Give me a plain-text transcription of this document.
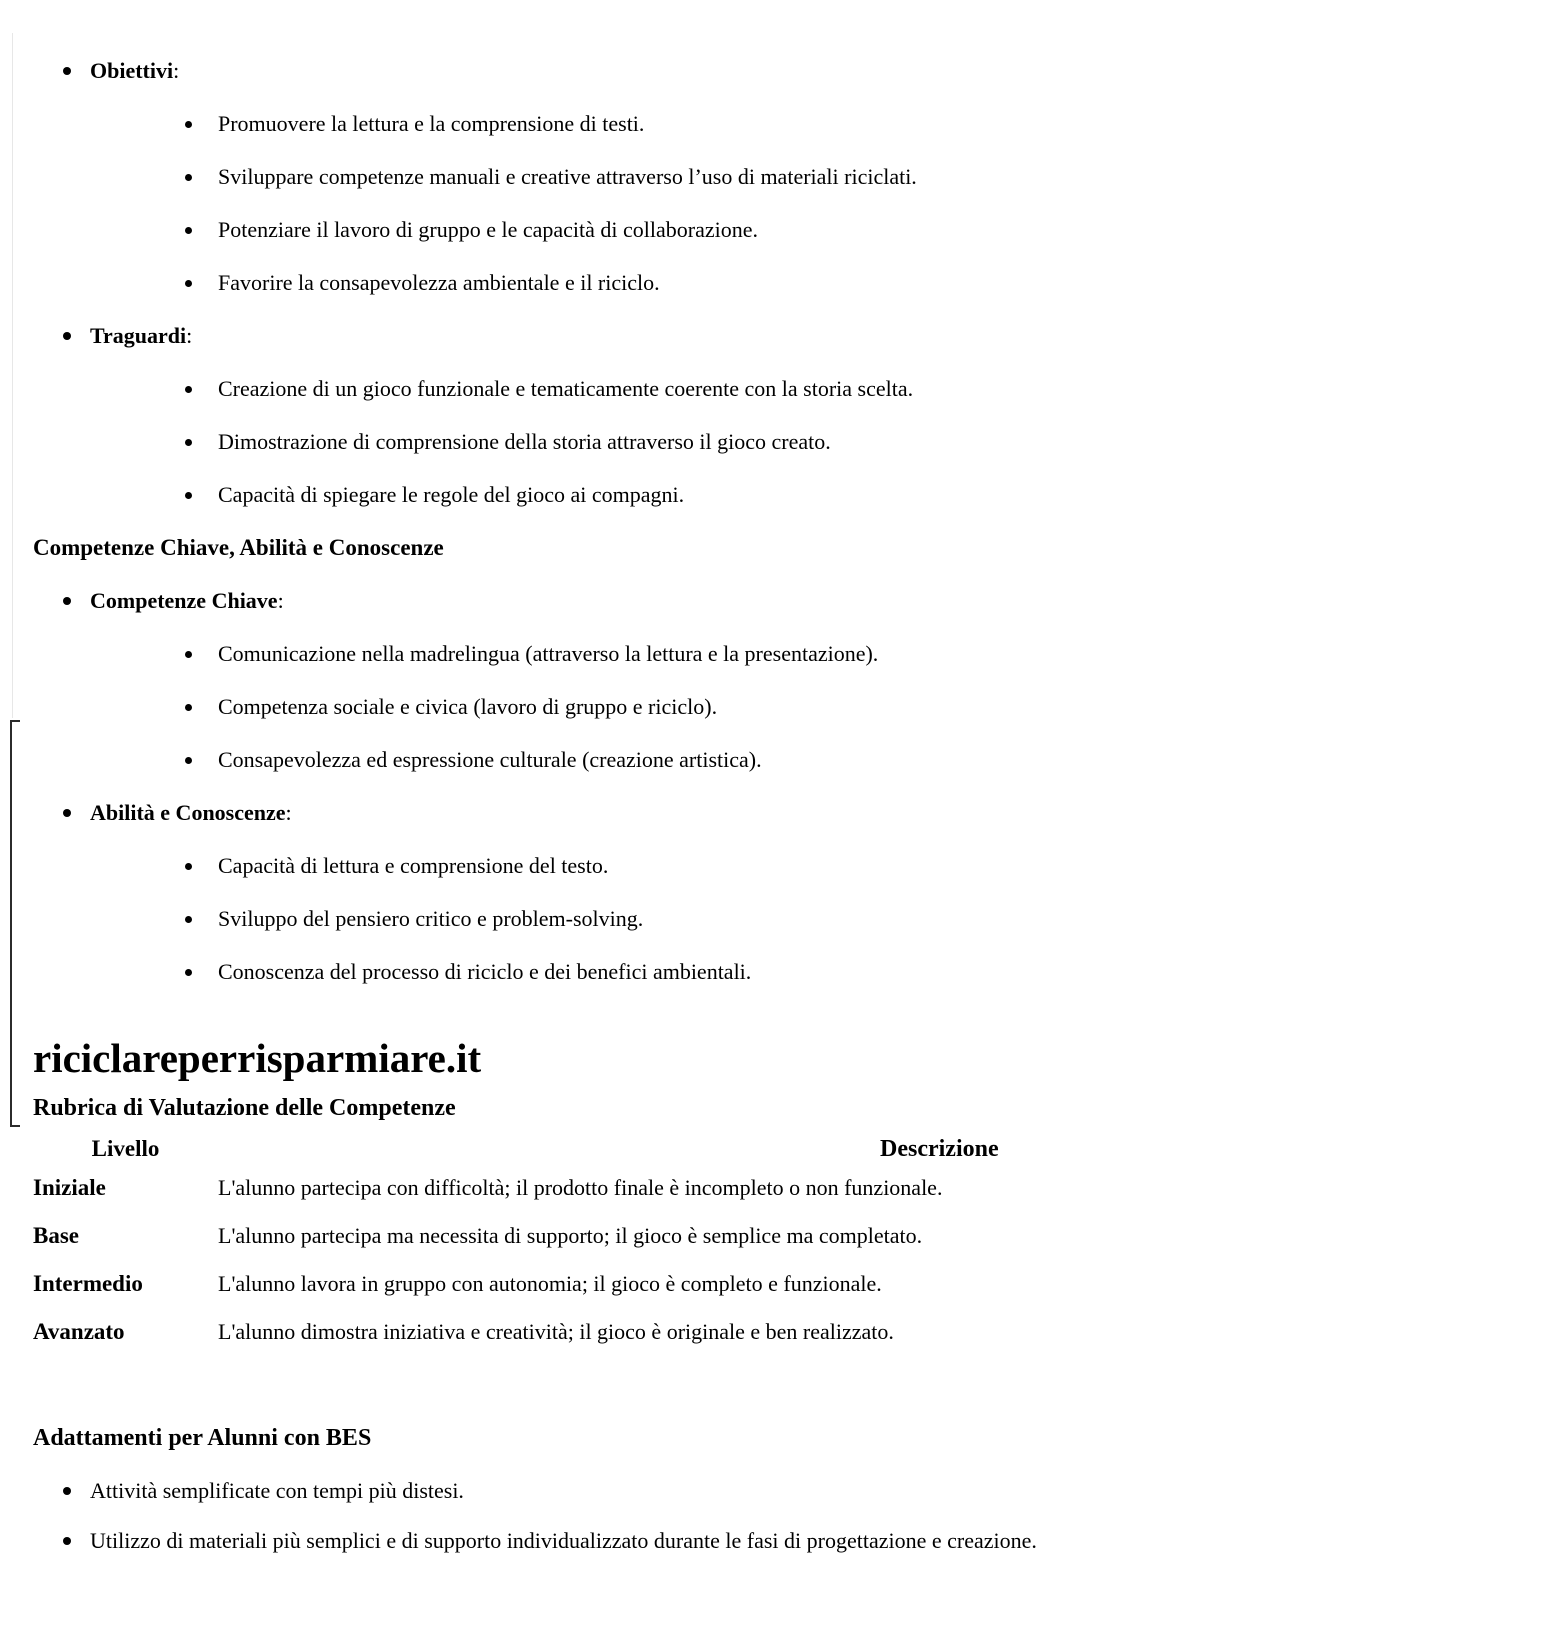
Obiettivi:
Promuovere la lettura e la comprensione di testi.
Sviluppare competenze manuali e creative attraverso l’uso di materiali riciclati.
Potenziare il lavoro di gruppo e le capacità di collaborazione.
Favorire la consapevolezza ambientale e il riciclo.
Traguardi:
Creazione di un gioco funzionale e tematicamente coerente con la storia scelta.
Dimostrazione di comprensione della storia attraverso il gioco creato.
Capacità di spiegare le regole del gioco ai compagni.
Competenze Chiave, Abilità e Conoscenze
Competenze Chiave:
Comunicazione nella madrelingua (attraverso la lettura e la presentazione).
Competenza sociale e civica (lavoro di gruppo e riciclo).
Consapevolezza ed espressione culturale (creazione artistica).
Abilità e Conoscenze:
Capacità di lettura e comprensione del testo.
Sviluppo del pensiero critico e problem-solving.
Conoscenza del processo di riciclo e dei benefici ambientali.
riciclareperrisparmiare.it
Rubrica di Valutazione delle Competenze
Livello	Descrizione
Iniziale	L'alunno partecipa con difficoltà; il prodotto finale è incompleto o non funzionale.
Base	L'alunno partecipa ma necessita di supporto; il gioco è semplice ma completato.
Intermedio	L'alunno lavora in gruppo con autonomia; il gioco è completo e funzionale.
Avanzato	L'alunno dimostra iniziativa e creatività; il gioco è originale e ben realizzato.
Adattamenti per Alunni con BES
Attività semplificate con tempi più distesi.
Utilizzo di materiali più semplici e di supporto individualizzato durante le fasi di progettazione e creazione.
